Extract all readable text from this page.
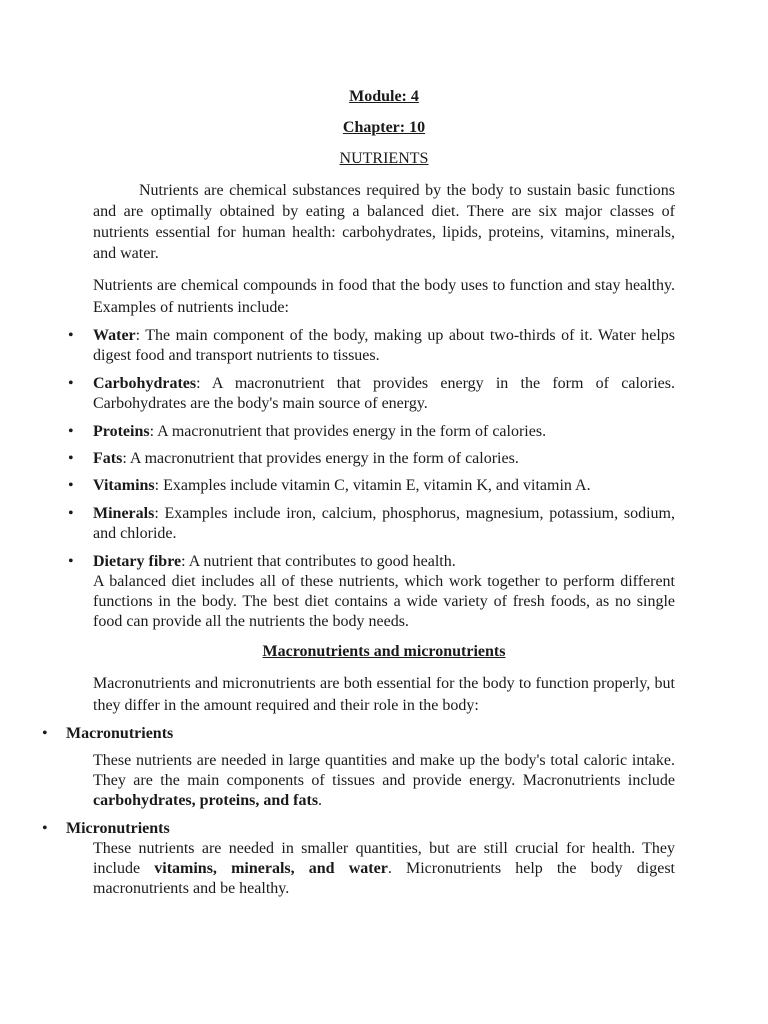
Module: 4
Chapter: 10
NUTRIENTS
Nutrients are chemical substances required by the body to sustain basic functions and are optimally obtained by eating a balanced diet. There are six major classes of nutrients essential for human health: carbohydrates, lipids, proteins, vitamins, minerals, and water.
Nutrients are chemical compounds in food that the body uses to function and stay healthy. Examples of nutrients include:
• Water: The main component of the body, making up about two-thirds of it. Water helps digest food and transport nutrients to tissues.
• Carbohydrates: A macronutrient that provides energy in the form of calories. Carbohydrates are the body's main source of energy.
• Proteins: A macronutrient that provides energy in the form of calories.
• Fats: A macronutrient that provides energy in the form of calories.
• Vitamins: Examples include vitamin C, vitamin E, vitamin K, and vitamin A.
• Minerals: Examples include iron, calcium, phosphorus, magnesium, potassium, sodium, and chloride.
• Dietary fibre: A nutrient that contributes to good health.
A balanced diet includes all of these nutrients, which work together to perform different functions in the body. The best diet contains a wide variety of fresh foods, as no single food can provide all the nutrients the body needs.
Macronutrients and micronutrients
Macronutrients and micronutrients are both essential for the body to function properly, but they differ in the amount required and their role in the body:
• Macronutrients
These nutrients are needed in large quantities and make up the body's total caloric intake. They are the main components of tissues and provide energy. Macronutrients include carbohydrates, proteins, and fats.
• Micronutrients
These nutrients are needed in smaller quantities, but are still crucial for health. They include vitamins, minerals, and water. Micronutrients help the body digest macronutrients and be healthy.
